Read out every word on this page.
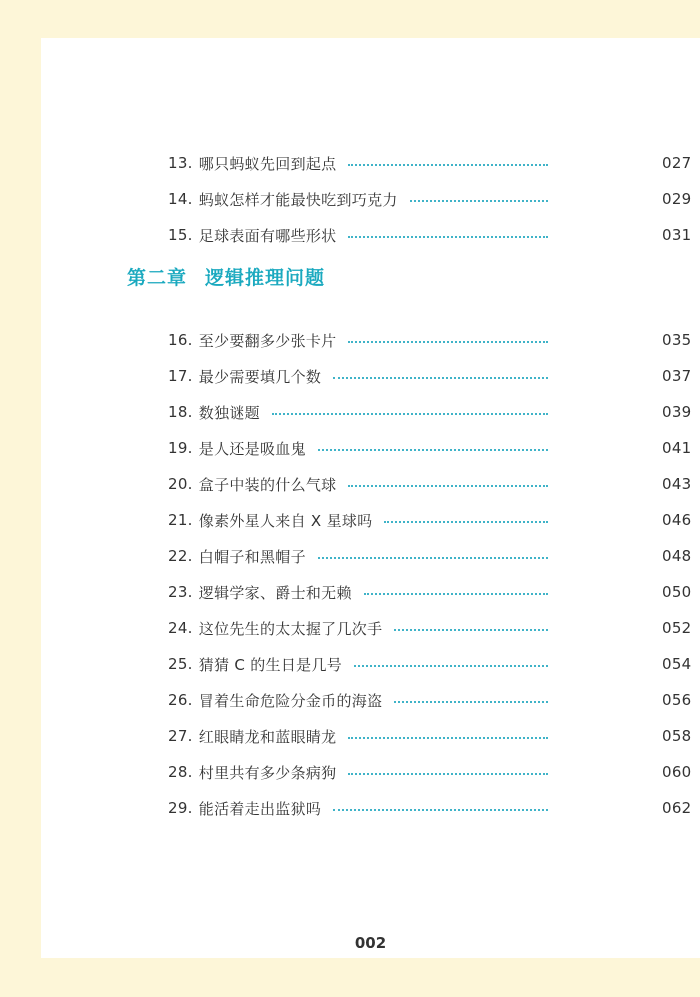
13. 哪只蚂蚁先回到起点	027
14. 蚂蚁怎样才能最快吃到巧克力	029
15. 足球表面有哪些形状	031
第二章 逻辑推理问题
16. 至少要翻多少张卡片	035
17. 最少需要填几个数	037
18. 数独谜题	039
19. 是人还是吸血鬼	041
20. 盒子中装的什么气球	043
21. 像素外星人来自 X 星球吗	046
22. 白帽子和黑帽子	048
23. 逻辑学家、爵士和无赖	050
24. 这位先生的太太握了几次手	052
25. 猜猜 C 的生日是几号	054
26. 冒着生命危险分金币的海盗	056
27. 红眼睛龙和蓝眼睛龙	058
28. 村里共有多少条病狗	060
29. 能活着走出监狱吗	062
002
